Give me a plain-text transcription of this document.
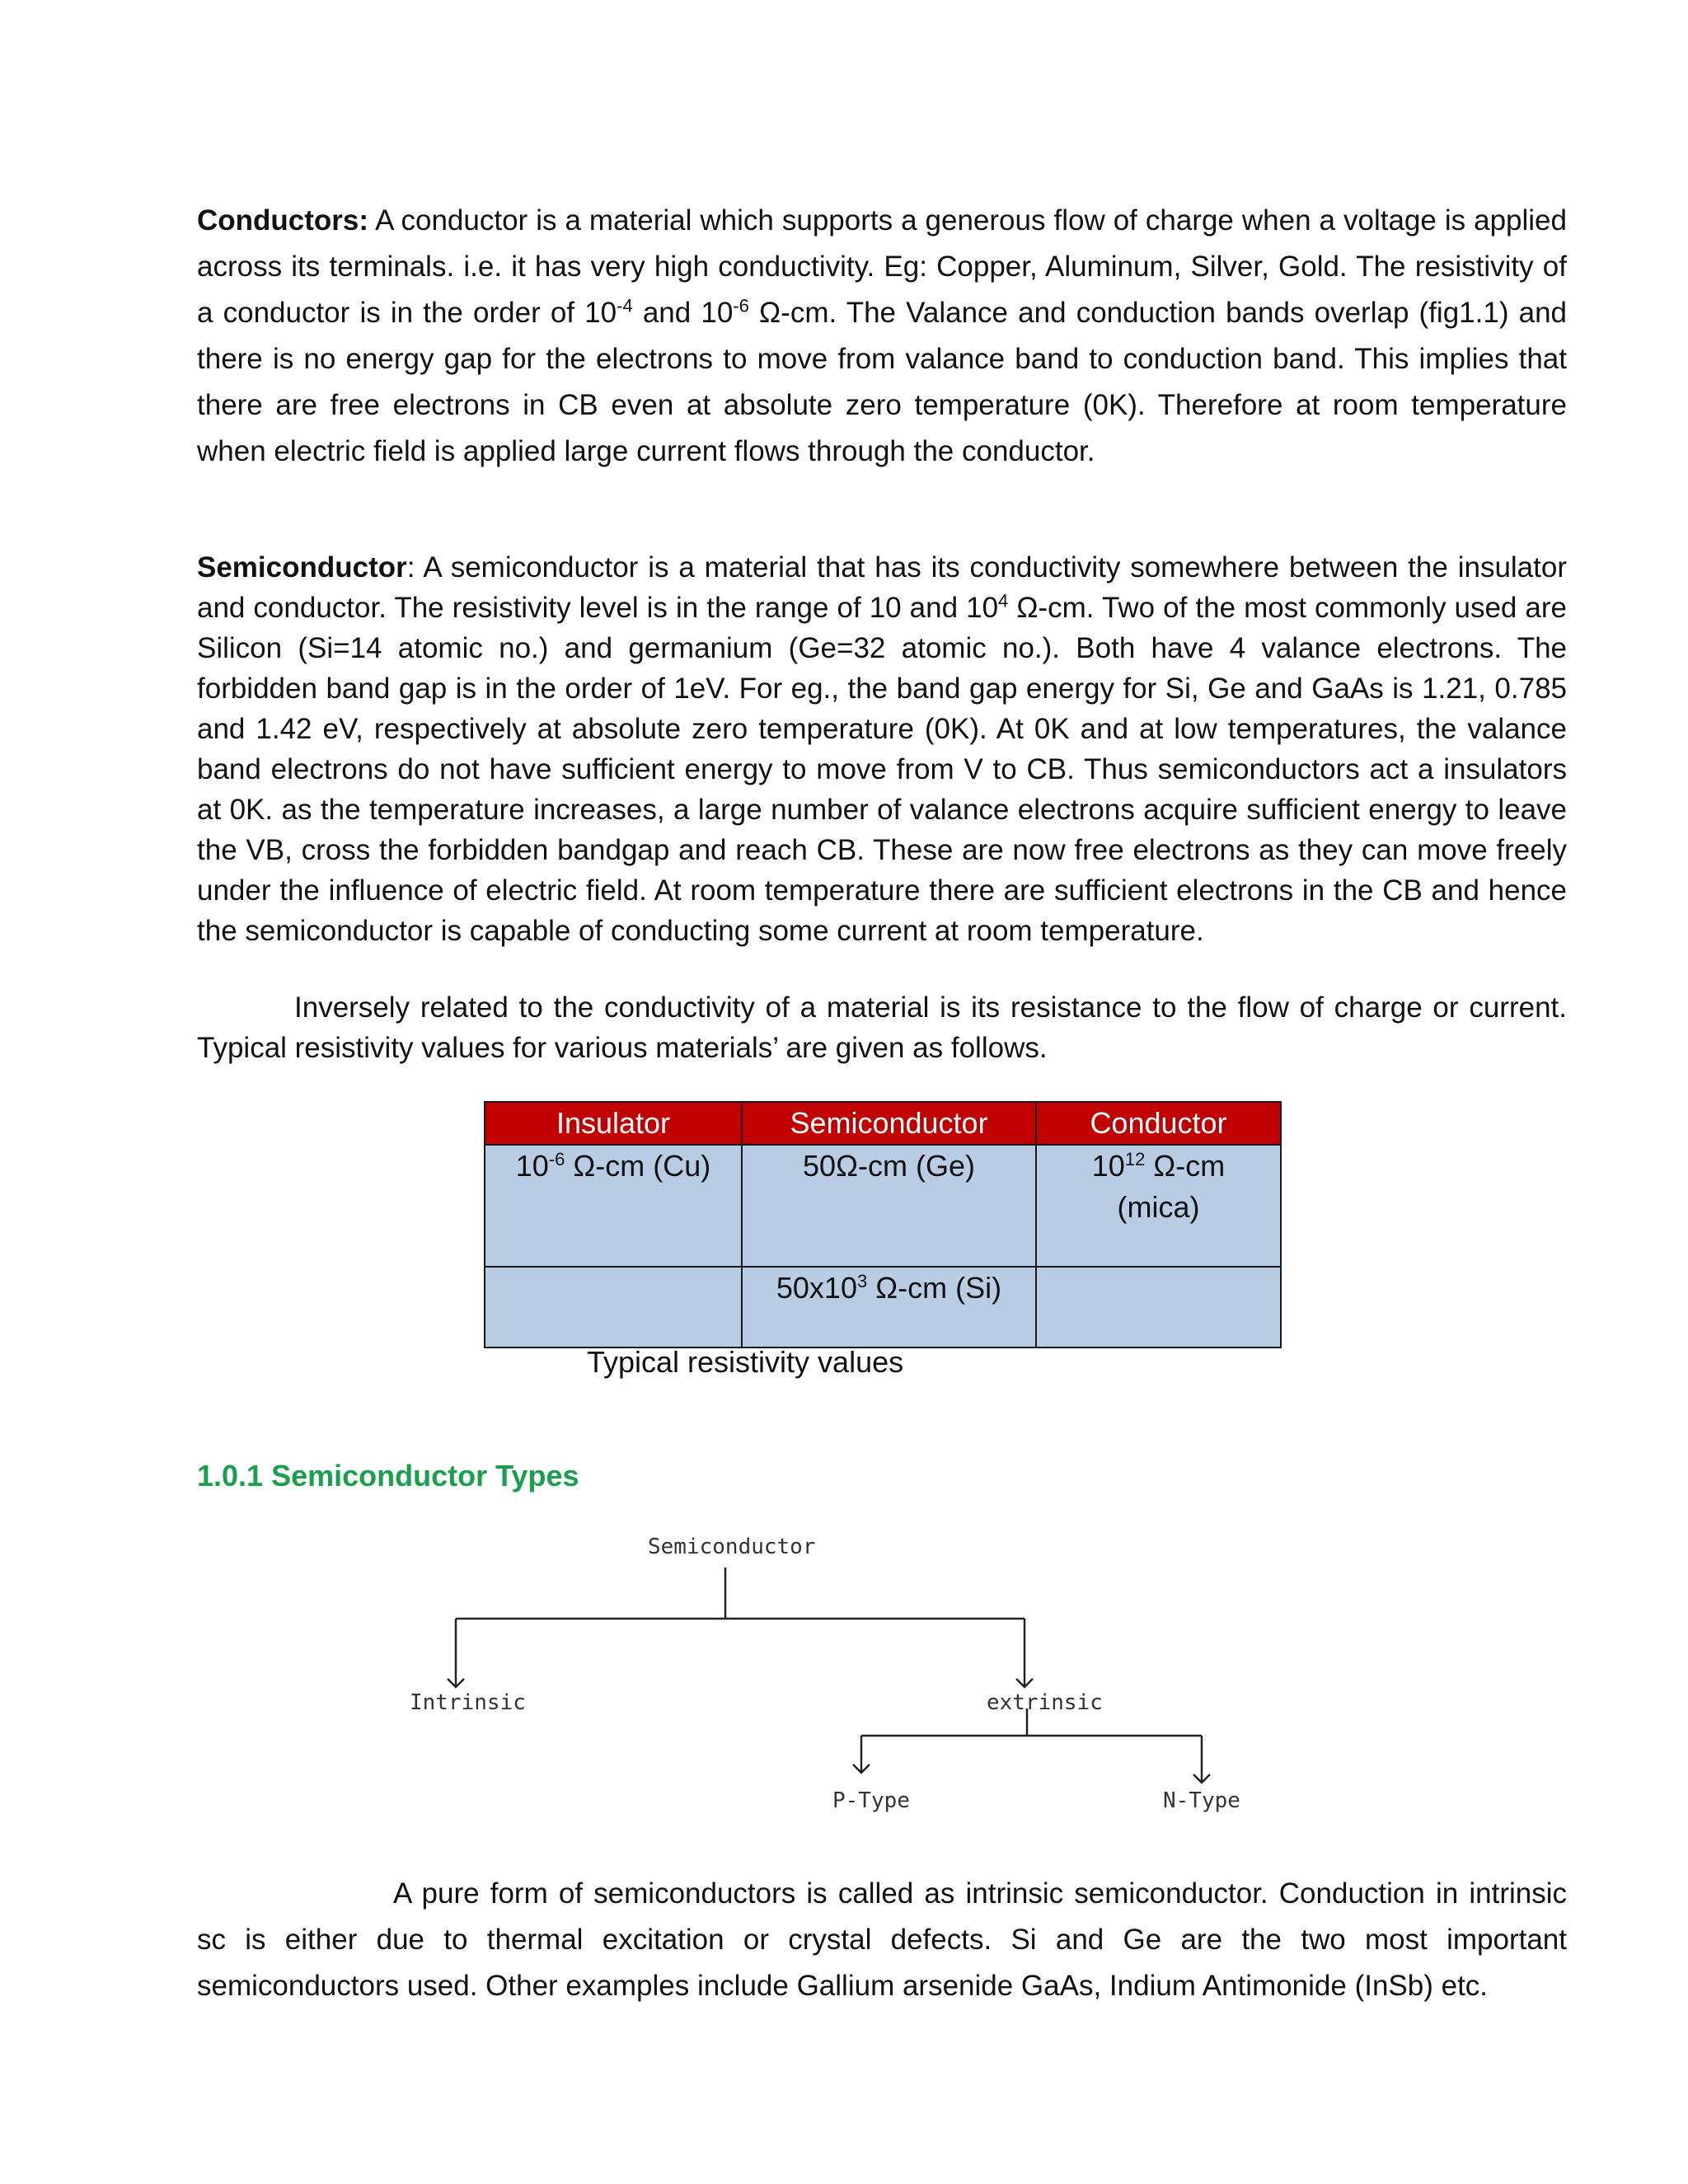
Conductors: A conductor is a material which supports a generous flow of charge when a voltage is applied across its terminals. i.e. it has very high conductivity. Eg: Copper, Aluminum, Silver, Gold. The resistivity of a conductor is in the order of $10^{-4}$ and $10^{-6}$ Ω-cm. The Valance and conduction bands overlap (fig1.1) and there is no energy gap for the electrons to move from valance band to conduction band. This implies that there are free electrons in CB even at absolute zero temperature (0K). Therefore at room temperature when electric field is applied large current flows through the conductor.

Semiconductor: A semiconductor is a material that has its conductivity somewhere between the insulator and conductor. The resistivity level is in the range of 10 and $10^4$ Ω-cm. Two of the most commonly used are Silicon (Si=14 atomic no.) and germanium (Ge=32 atomic no.). Both have 4 valance electrons. The forbidden band gap is in the order of 1eV. For eg., the band gap energy for Si, Ge and GaAs is 1.21, 0.785 and 1.42 eV, respectively at absolute zero temperature (0K). At 0K and at low temperatures, the valance band electrons do not have sufficient energy to move from V to CB. Thus semiconductors act a insulators at 0K. as the temperature increases, a large number of valance electrons acquire sufficient energy to leave the VB, cross the forbidden bandgap and reach CB. These are now free electrons as they can move freely under the influence of electric field. At room temperature there are sufficient electrons in the CB and hence the semiconductor is capable of conducting some current at room temperature.

Inversely related to the conductivity of a material is its resistance to the flow of charge or current. Typical resistivity values for various materials’ are given as follows.

Insulator	Semiconductor	Conductor
$10^{-6}$ Ω-cm (Cu)	50Ω-cm (Ge)	$10^{12}$ Ω-cm
(mica)
	$50x10^3$ Ω-cm (Si)	
Typical resistivity values
1.0.1 Semiconductor Types
Semiconductor
Intrinsic	extrinsic
P-Type	N-Type

A pure form of semiconductors is called as intrinsic semiconductor. Conduction in intrinsic sc is either due to thermal excitation or crystal defects. Si and Ge are the two most important semiconductors used. Other examples include Gallium arsenide GaAs, Indium Antimonide (InSb) etc.
